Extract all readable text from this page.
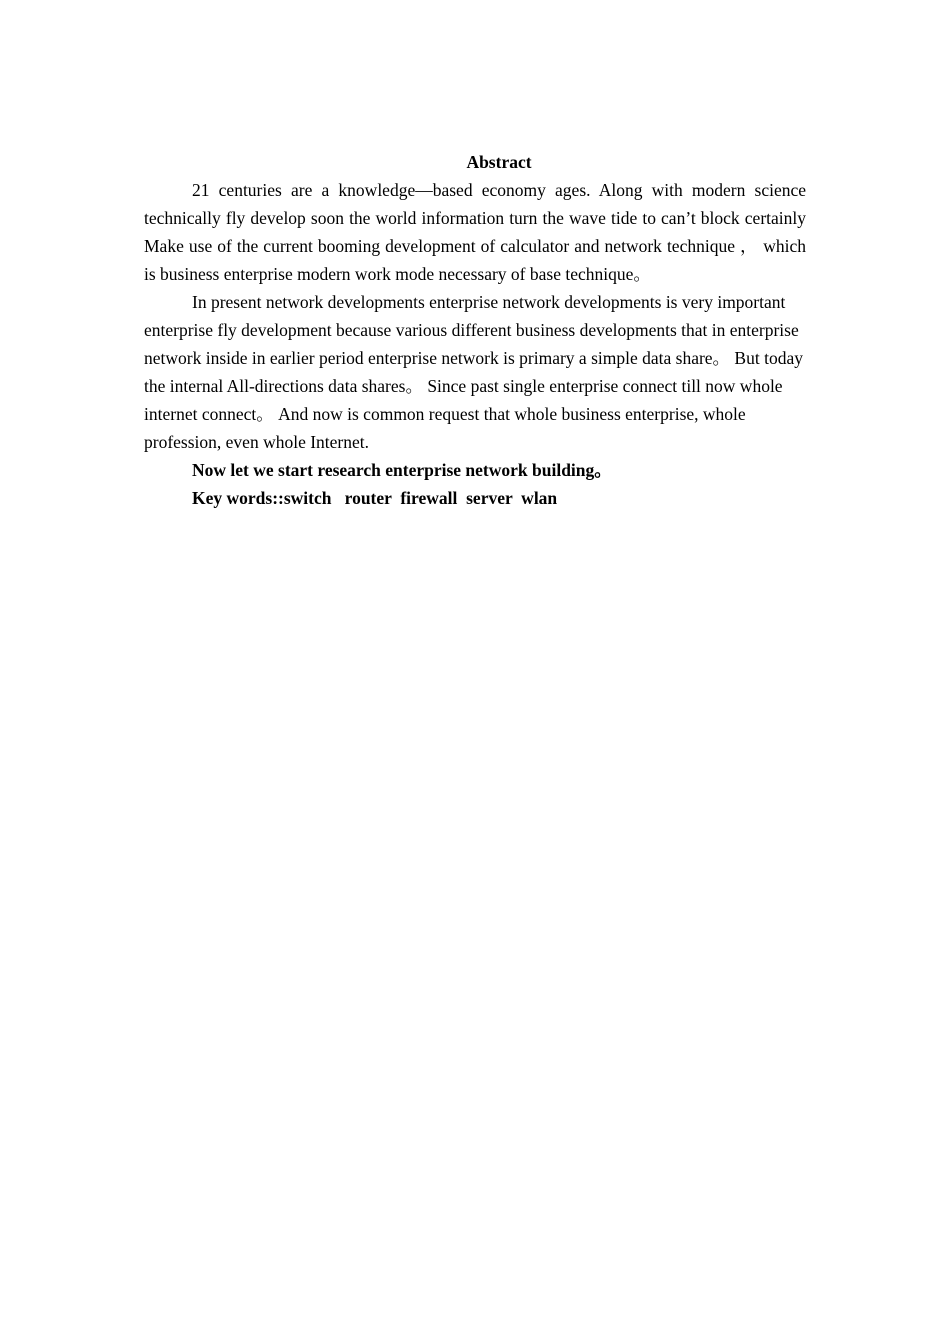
Abstract

21 centuries are a knowledge—based economy ages. Along with modern science technically fly develop soon the world information turn the wave tide to can’t block certainly Make use of the current booming development of calculator and network technique ， which is business enterprise modern work mode necessary of base technique。

In present network developments enterprise network developments is very important enterprise fly development because various different business developments that in enterprise network inside in earlier period enterprise network is primary a simple data share。 But today the internal All-directions data shares。 Since past single enterprise connect till now whole internet connect。 And now is common request that whole business enterprise, whole profession, even whole Internet.

Now let we start research enterprise network building。

Key words::switch   router  firewall  server  wlan
